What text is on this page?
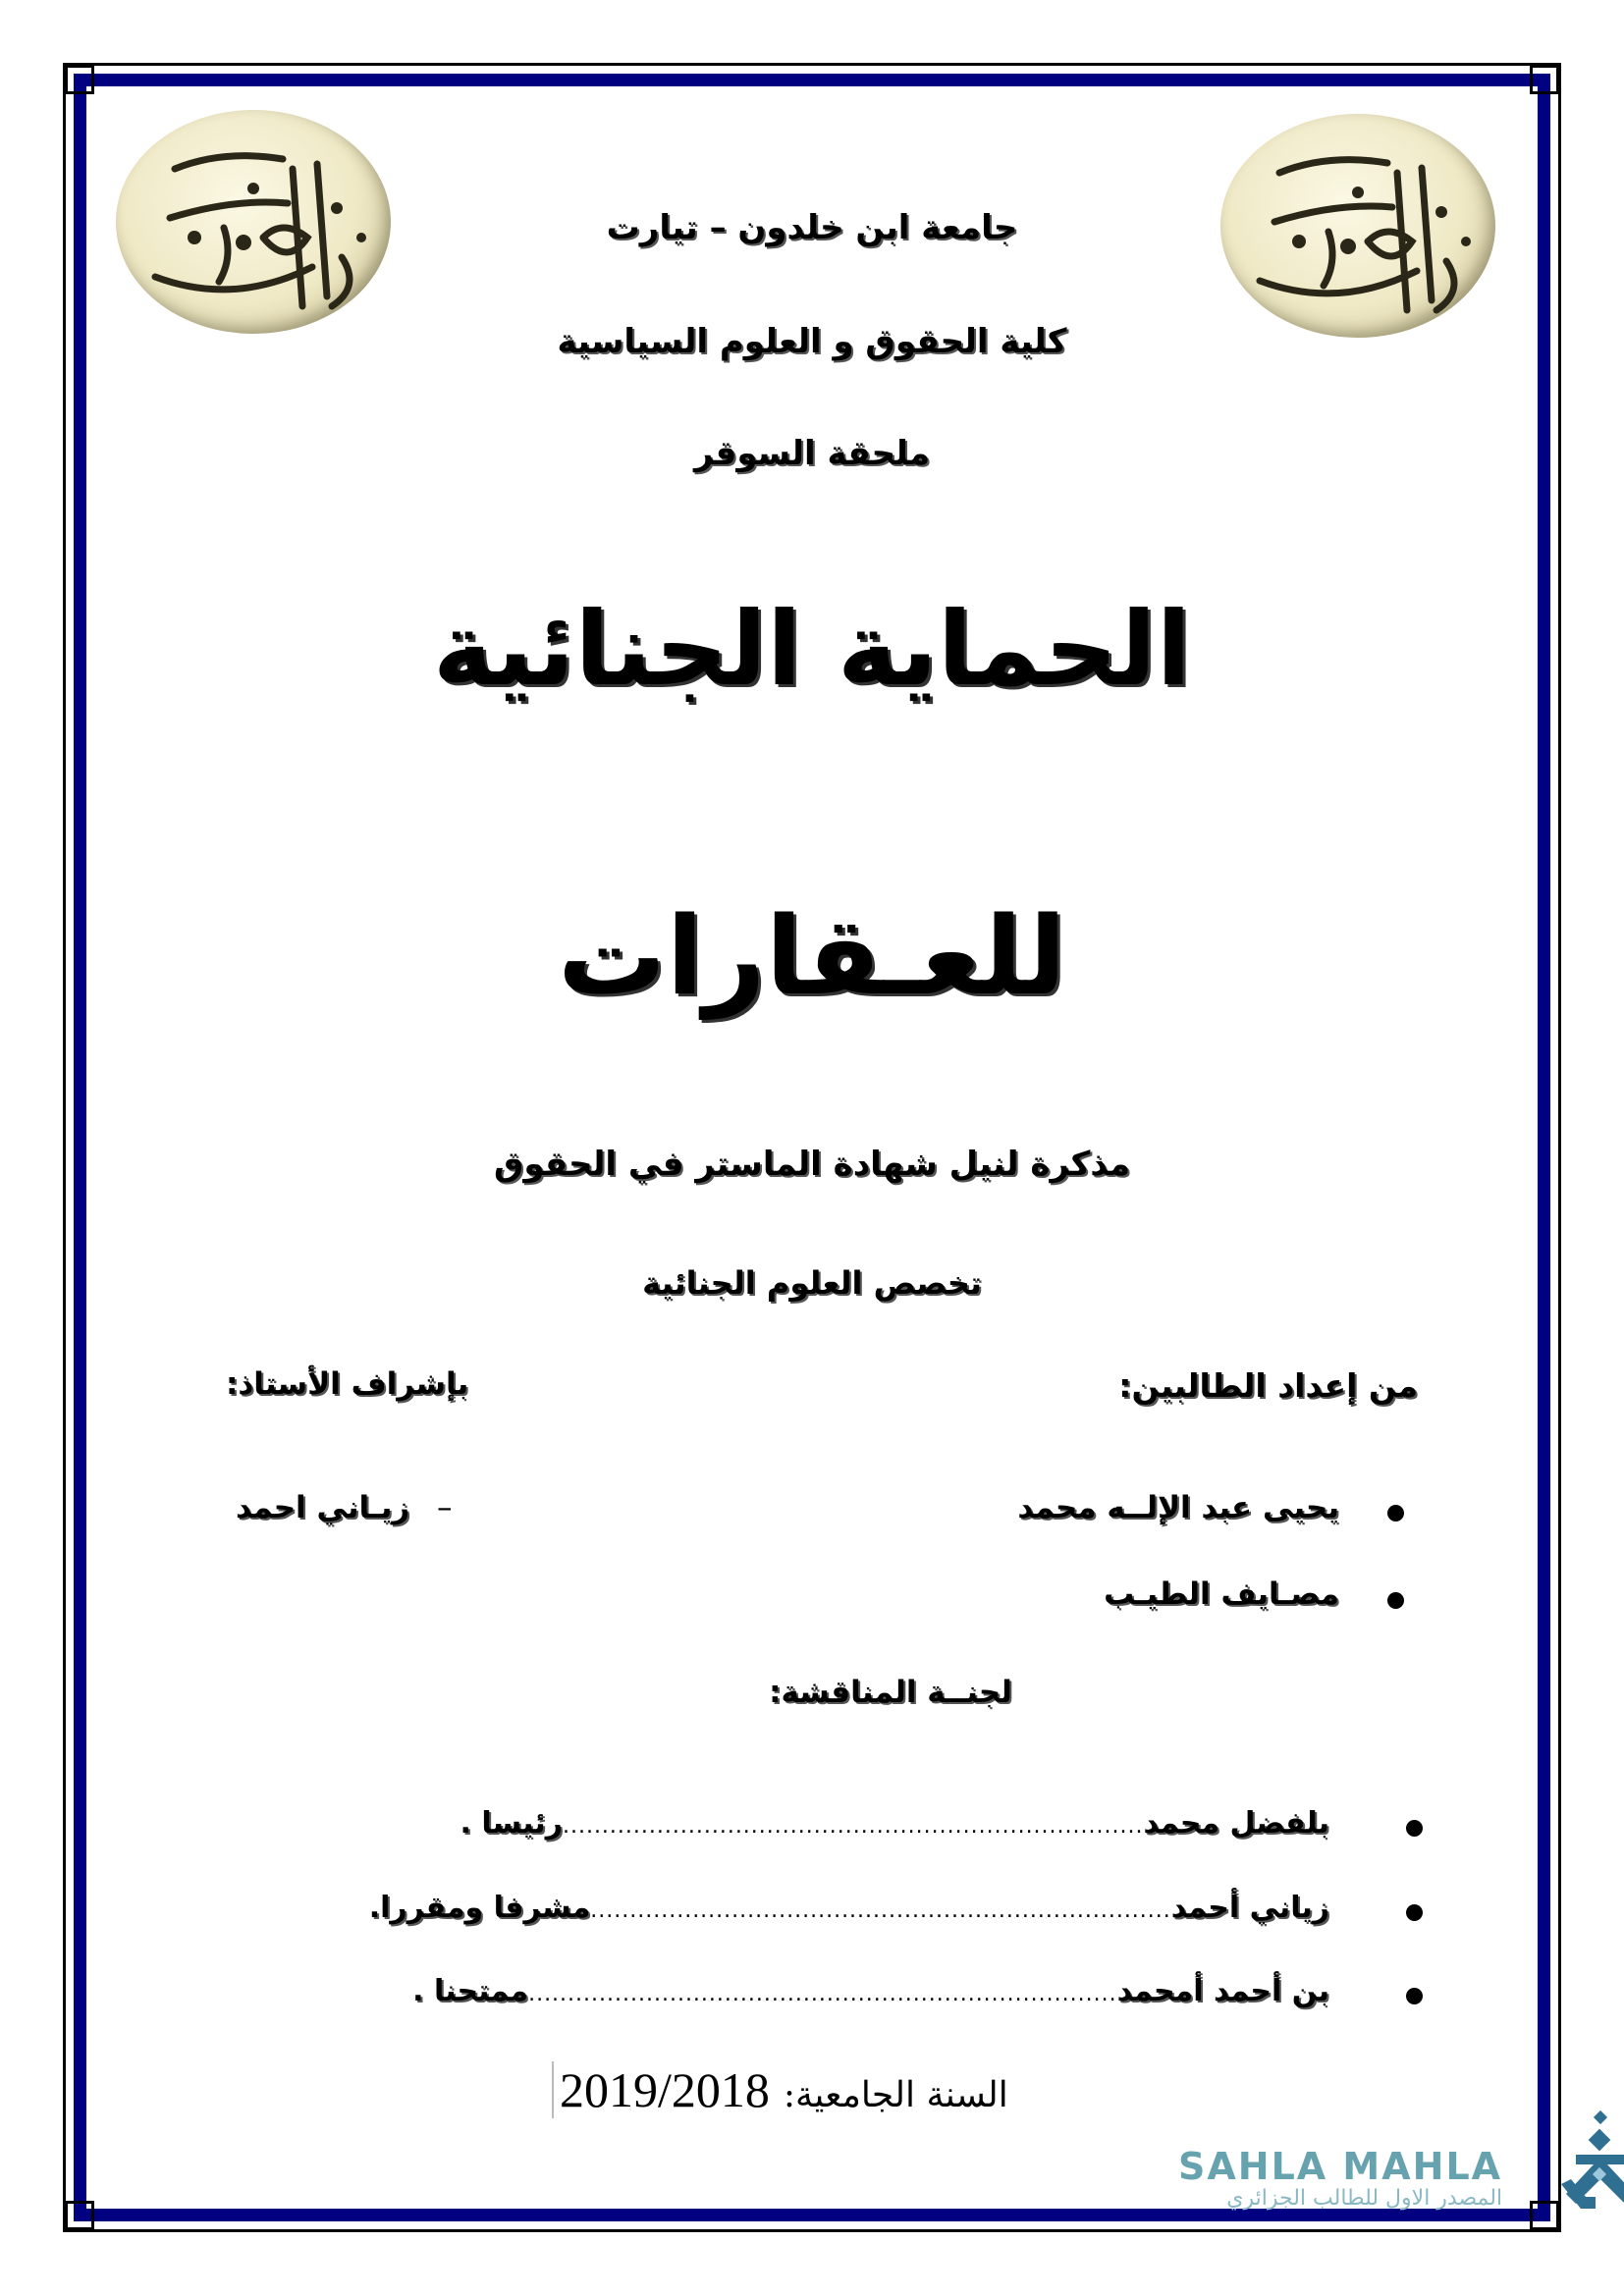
جامعة ابن خلدون – تيارت
كلية الحقوق و العلوم السياسية
ملحقة السوقر
الحماية الجنائية
للعـقارات
مذكرة لنيل شهادة الماستر في الحقوق
تخصص العلوم الجنائية
من إعداد الطالبين:
بإشراف الأستاذ:
يحيى عبد الإلــه محمد
مصـايف الطيـب
–
زيـاني احمد
لجنــة المناقشة:
بلفضل محمد
..........................................................................
رئيسا .
زياني أحمد
..........................................................................
مشرفا ومقررا.
بن أحمد أمحمد
...........................................................................
ممتحنا .
السنة الجامعية:
2019/2018
SAHLA MAHLA
المصدر الاول للطالب الجزائري
